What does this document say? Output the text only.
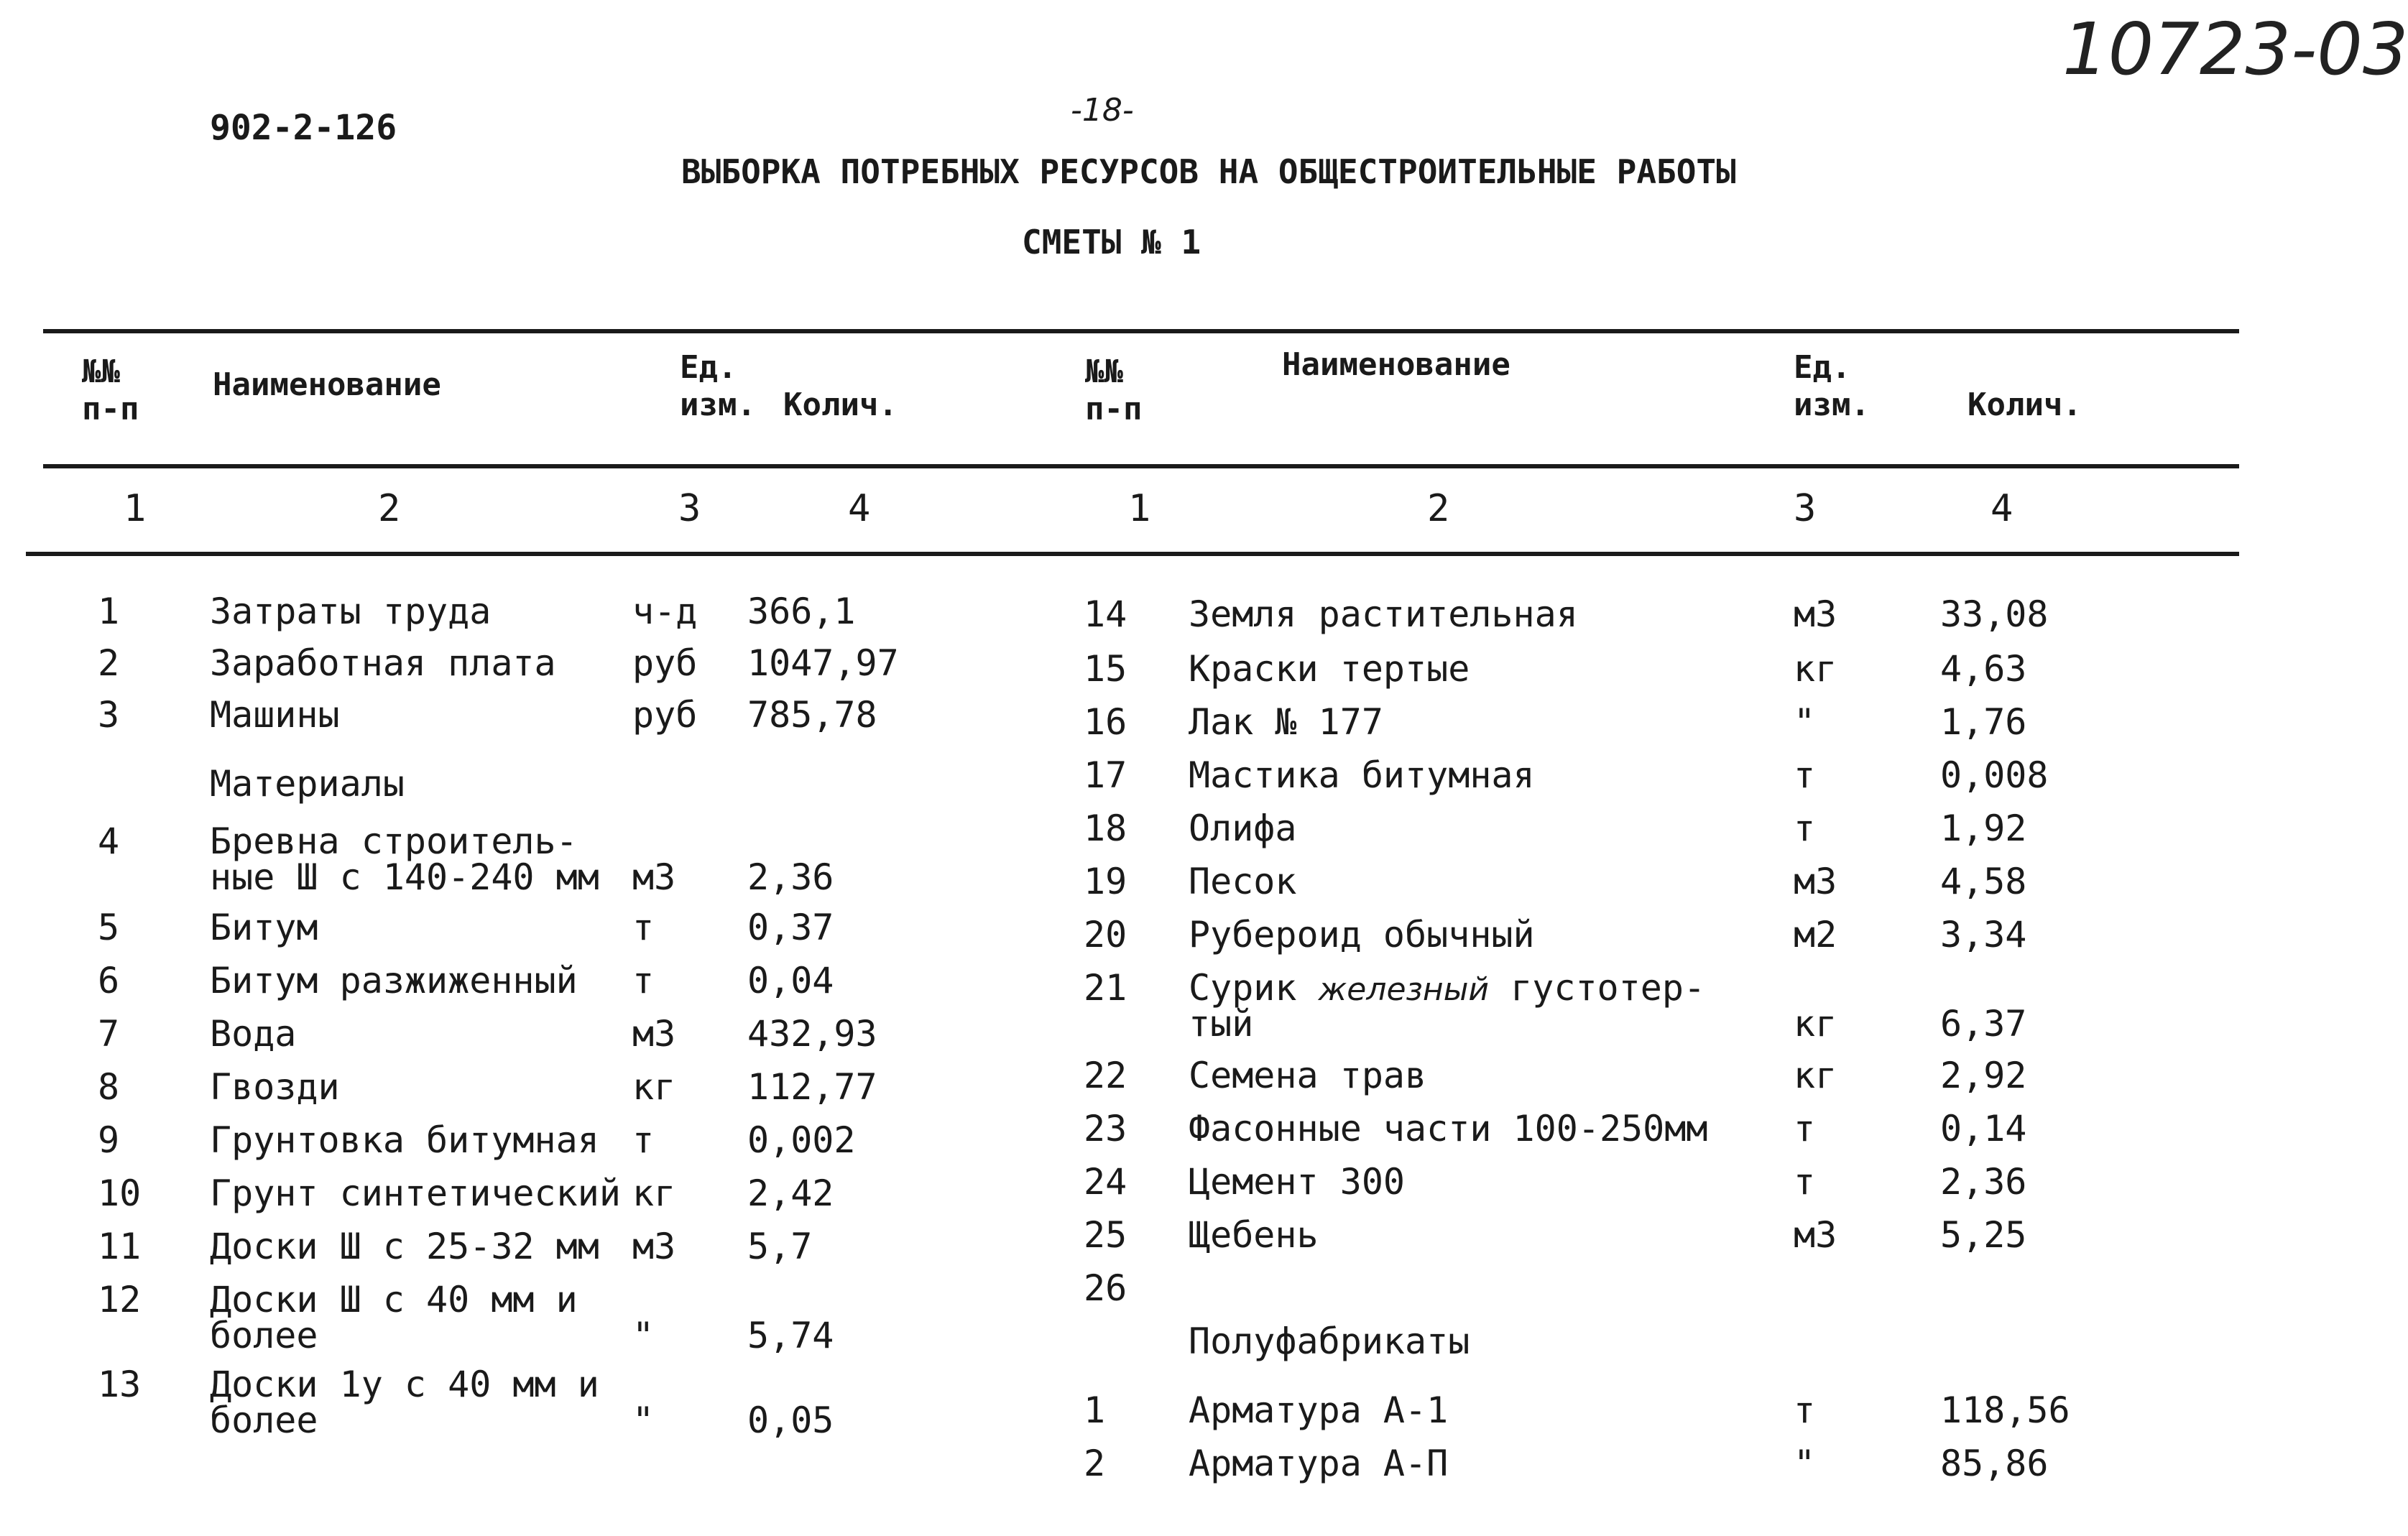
10723-03
902-2-126	-18-
ВЫБОРКА ПОТРЕБНЫХ РЕСУРСОВ НА ОБЩЕСТРОИТЕЛЬНЫЕ РАБОТЫ
СМЕТЫ № 1
№№
п-п
Наименование	Ед.
изм. Колич.
№№
п-п
Наименование	Ед.
изм.	Колич.
1	2	3	4	1	2	3	4
1	Затраты труда	ч-д 366,1
2	Заработная плата руб 1047,97
3	Машины	руб 785,78
Материалы
4	Бревна строитель-
ные Ш с 140-240 мм м3 2,36
5	Битум	т	0,37
6	Битум разжиженный т	0,04
7	Вода	м3 432,93
8	Гвозди	кг 112,77
9	Грунтовка битумная т	0,002
10 Грунт синтетический кг 2,42
11 Доски Ш с 25-32 мм м3 5,7
12 Доски Ш с 40 мм и
более	"	5,74
13 Доски 1у с 40 мм и
более	"	0,05
14 Земля растительная	м3	33,08
15 Краски тертые	кг	4,63
16 Лак № 177	"	1,76
17 Мастика битумная	т	0,008
18 Олифа	т	1,92
19 Песок	м3	4,58
20 Рубероид обычный	м2	3,34
21 Сурик железный густотер-
тый	кг	6,37
22 Семена трав	кг	2,92
23 Фасонные части 100-250мм т	0,14
24 Цемент 300	т	2,36
25 Щебень	м3	5,25
26
Полуфабрикаты
1 Арматура А-1	т	118,56
2 Арматура А-П	"	85,86
